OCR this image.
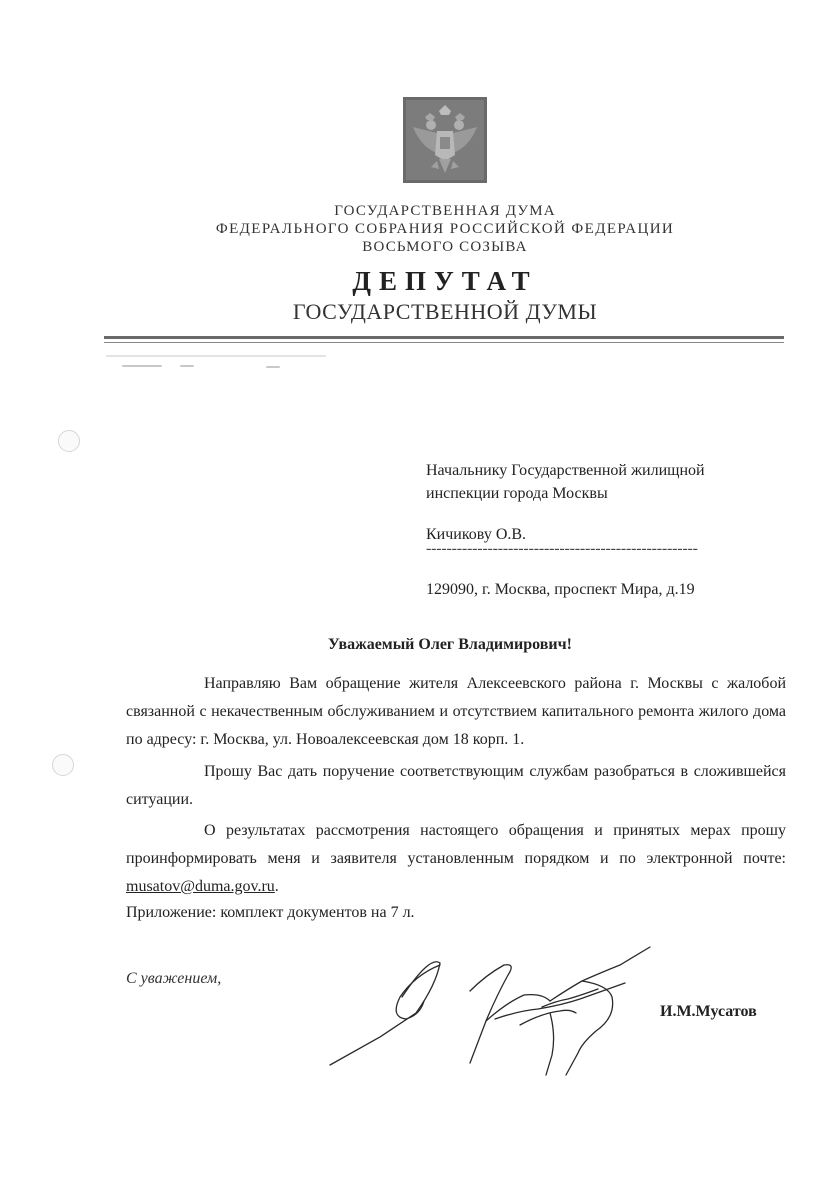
ГОСУДАРСТВЕННАЯ ДУМА
ФЕДЕРАЛЬНОГО СОБРАНИЯ РОССИЙСКОЙ ФЕДЕРАЦИИ
ВОСЬМОГО СОЗЫВА
ДЕПУТАТ
ГОСУДАРСТВЕННОЙ ДУМЫ
Начальнику Государственной жилищной
инспекции города Москвы
Кичикову О.В.
-----------------------------------------------------
129090, г. Москва, проспект Мира, д.19
Уважаемый Олег Владимирович!

Направляю Вам обращение жителя Алексеевского района г. Москвы с жалобой связанной с некачественным обслуживанием и отсутствием капитального ремонта жилого дома по адресу: г. Москва, ул. Новоалексеевская дом 18 корп. 1.

Прошу Вас дать поручение соответствующим службам разобраться в сложившейся ситуации.

О результатах рассмотрения настоящего обращения и принятых мерах прошу проинформировать меня и заявителя установленным порядком и по электронной почте: musatov@duma.gov.ru.

Приложение: комплект документов на 7 л.
С уважением,
И.М.Мусатов
